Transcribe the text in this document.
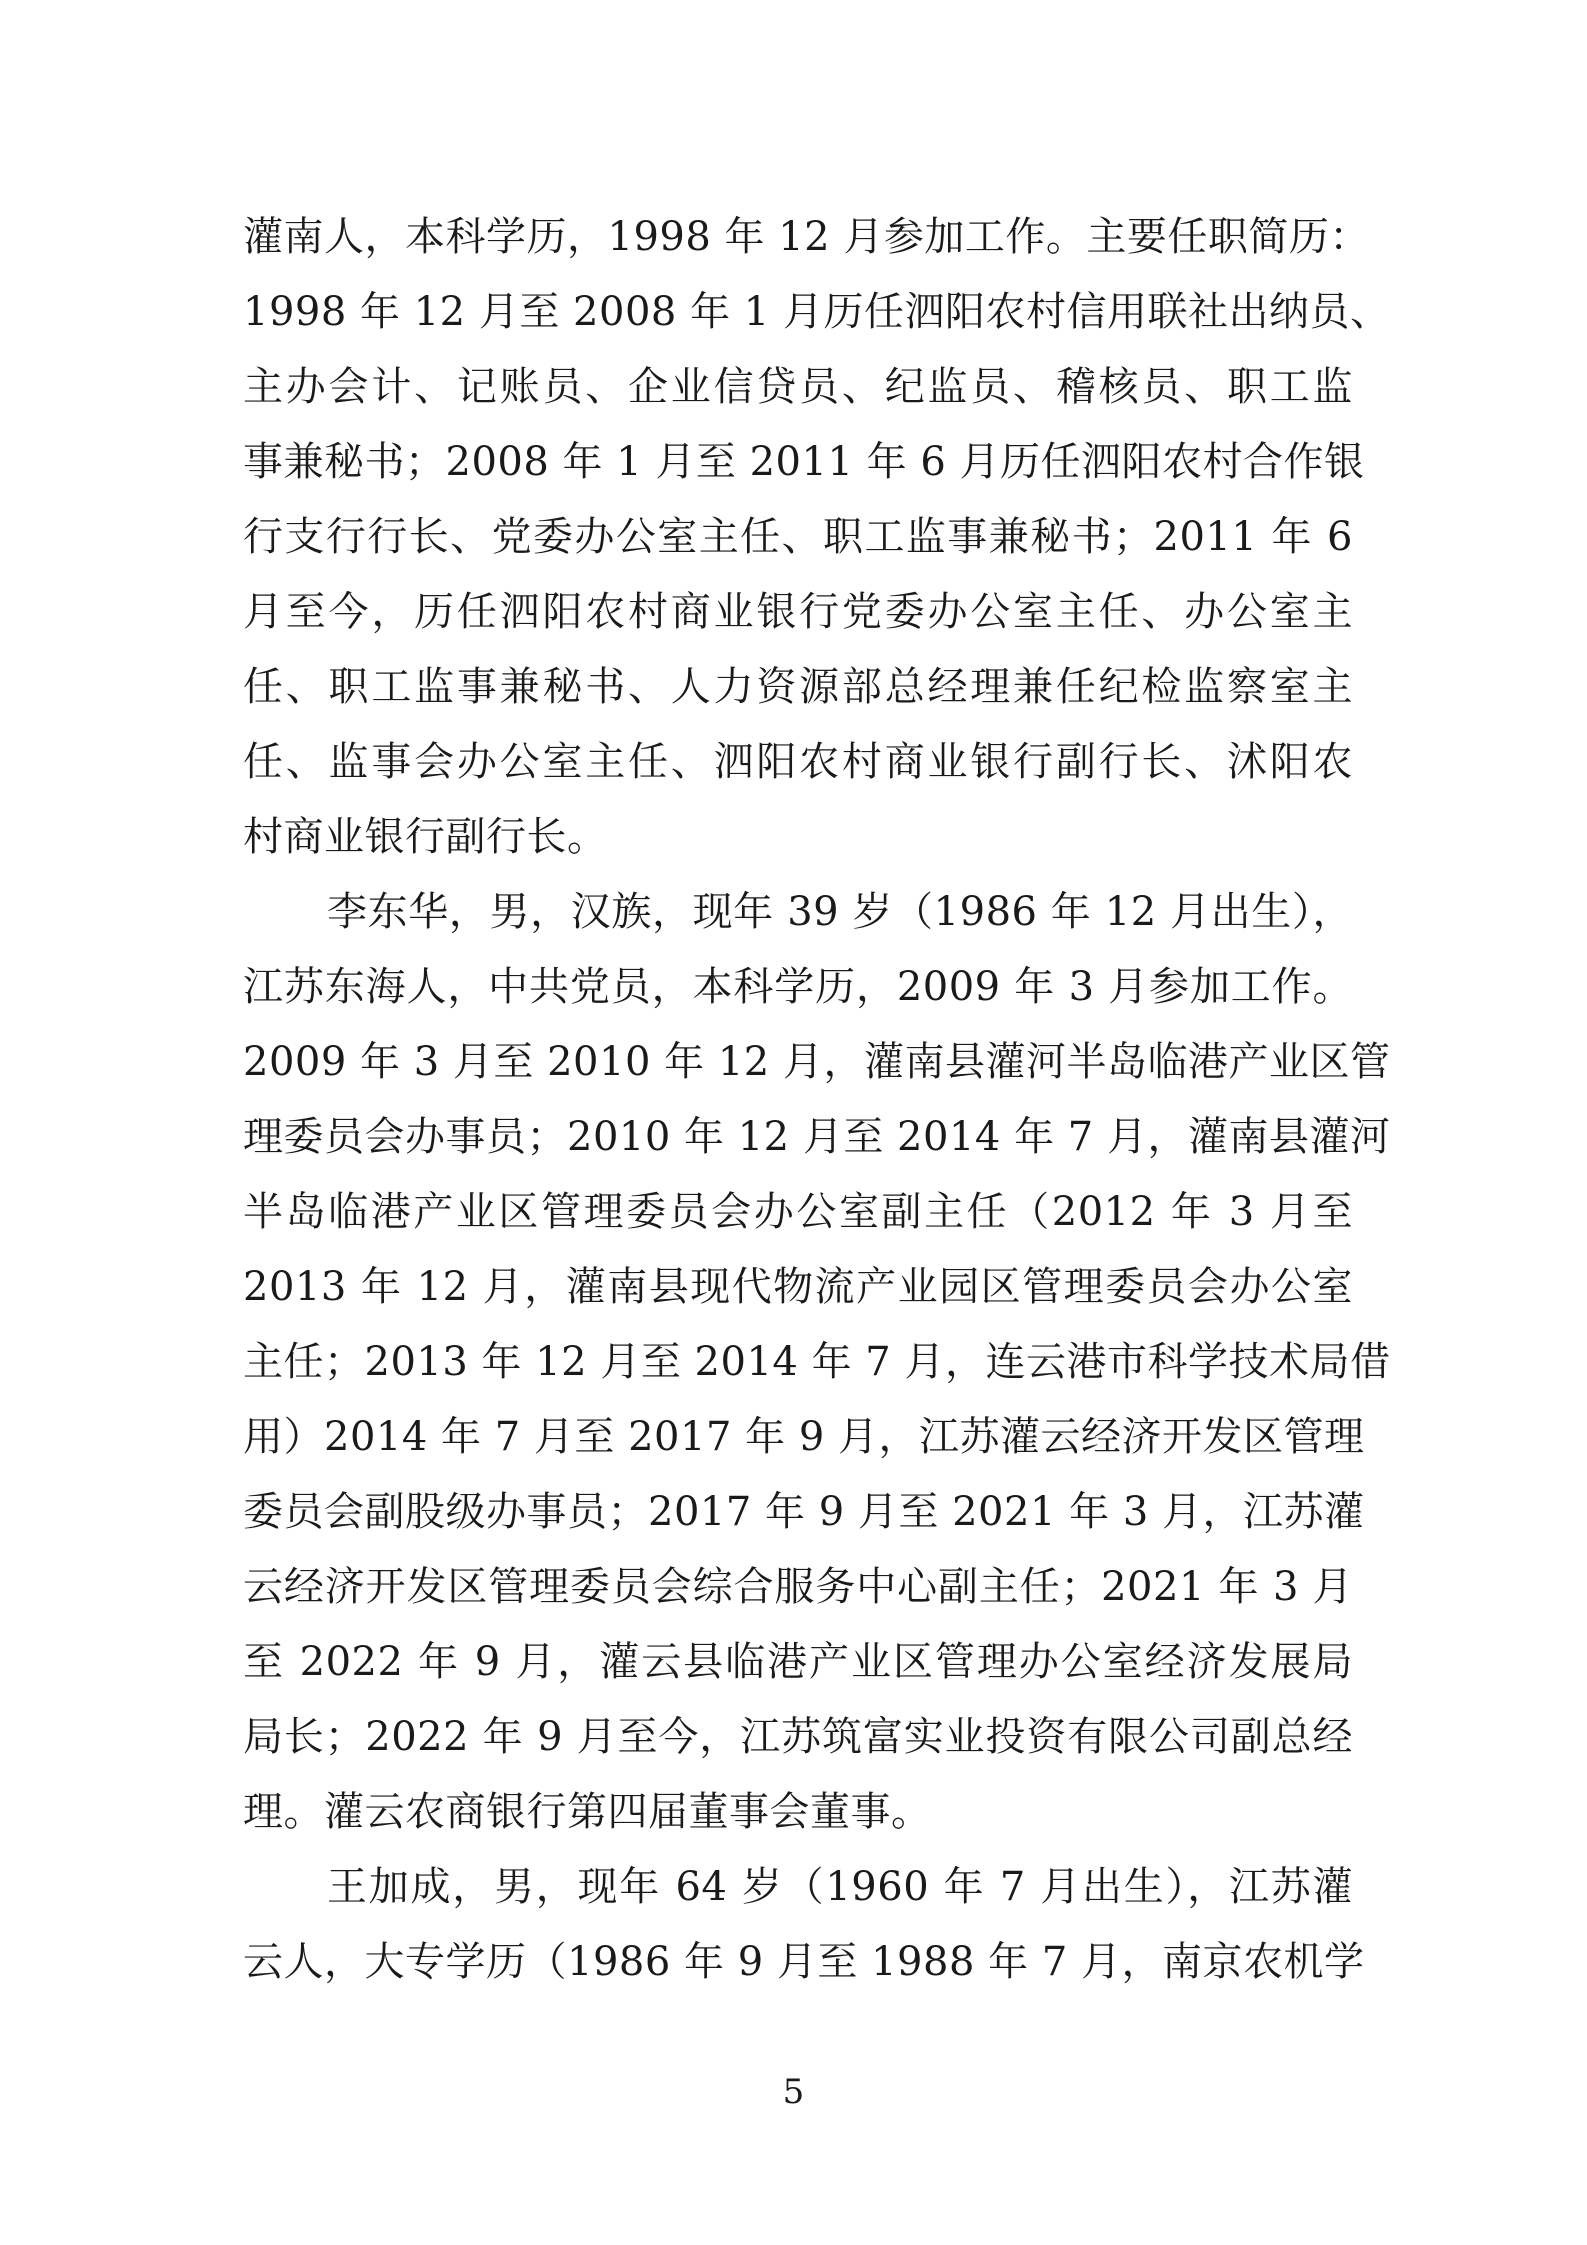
灌南人，本科学历，1998 年 12 月参加工作。主要任职简历：
1998 年 12 月至 2008 年 1 月历任泗阳农村信用联社出纳员、
主办会计、记账员、企业信贷员、纪监员、稽核员、职工监
事兼秘书；2008 年 1 月至 2011 年 6 月历任泗阳农村合作银
行支行行长、党委办公室主任、职工监事兼秘书；2011 年 6
月至今，历任泗阳农村商业银行党委办公室主任、办公室主
任、职工监事兼秘书、人力资源部总经理兼任纪检监察室主
任、监事会办公室主任、泗阳农村商业银行副行长、沭阳农
村商业银行副行长。
李东华，男，汉族，现年 39 岁（1986 年 12 月出生），
江苏东海人，中共党员，本科学历，2009 年 3 月参加工作。
2009 年 3 月至 2010 年 12 月，灌南县灌河半岛临港产业区管
理委员会办事员；2010 年 12 月至 2014 年 7 月，灌南县灌河
半岛临港产业区管理委员会办公室副主任（2012 年 3 月至
2013 年 12 月，灌南县现代物流产业园区管理委员会办公室
主任；2013 年 12 月至 2014 年 7 月，连云港市科学技术局借
用）2014 年 7 月至 2017 年 9 月，江苏灌云经济开发区管理
委员会副股级办事员；2017 年 9 月至 2021 年 3 月，江苏灌
云经济开发区管理委员会综合服务中心副主任；2021 年 3 月
至 2022 年 9 月，灌云县临港产业区管理办公室经济发展局
局长；2022 年 9 月至今，江苏筑富实业投资有限公司副总经
理。灌云农商银行第四届董事会董事。
王加成，男，现年 64 岁（1960 年 7 月出生），江苏灌
云人，大专学历（1986 年 9 月至 1988 年 7 月，南京农机学
5
